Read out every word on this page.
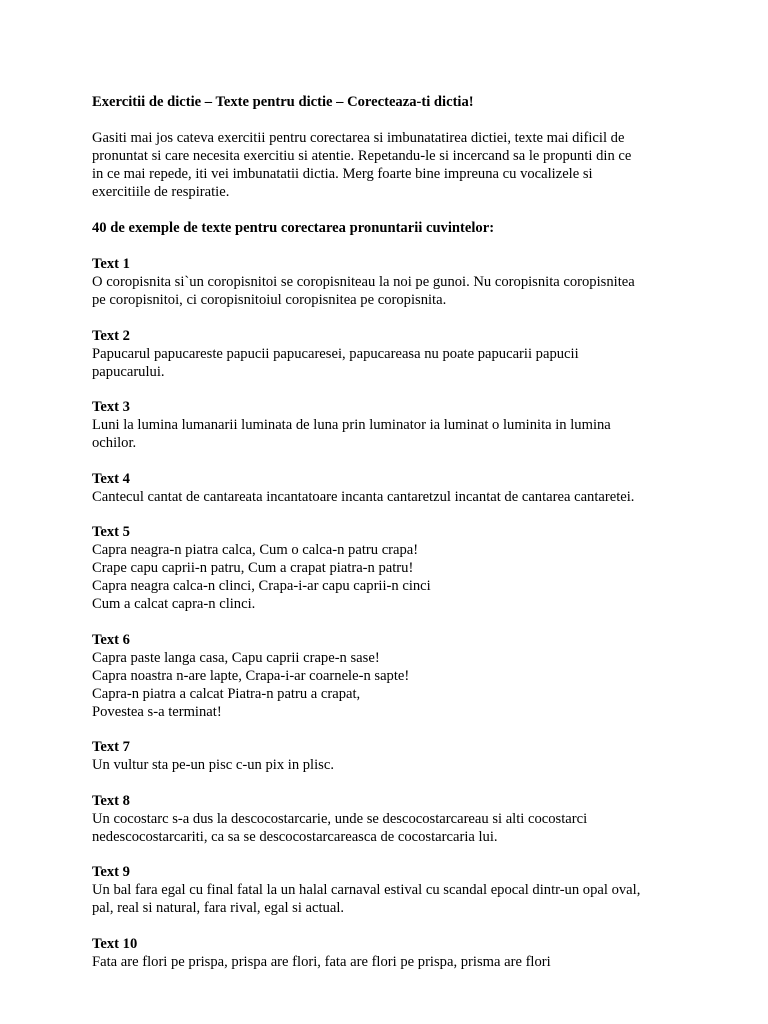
Exercitii de dictie – Texte pentru dictie – Corecteaza-ti dictia!
Gasiti mai jos cateva exercitii pentru corectarea si imbunatatirea dictiei, texte mai dificil de
pronuntat si care necesita exercitiu si atentie. Repetandu-le si incercand sa le propunti din ce
in ce mai repede, iti vei imbunatatii dictia. Merg foarte bine impreuna cu vocalizele si
exercitiile de respiratie.
40 de exemple de texte pentru corectarea pronuntarii cuvintelor:
Text 1
O coropisnita si`un coropisnitoi se coropisniteau la noi pe gunoi. Nu coropisnita coropisnitea
pe coropisnitoi, ci coropisnitoiul coropisnitea pe coropisnita.
Text 2
Papucarul papucareste papucii papucaresei, papucareasa nu poate papucarii papucii
papucarului.
Text 3
Luni la lumina lumanarii luminata de luna prin luminator ia luminat o luminita in lumina
ochilor.
Text 4
Cantecul cantat de cantareata incantatoare incanta cantaretzul incantat de cantarea cantaretei.
Text 5
Capra neagra-n piatra calca, Cum o calca-n patru crapa!
Crape capu caprii-n patru, Cum a crapat piatra-n patru!
Capra neagra calca-n clinci, Crapa-i-ar capu caprii-n cinci
Cum a calcat capra-n clinci.
Text 6
Capra paste langa casa, Capu caprii crape-n sase!
Capra noastra n-are lapte, Crapa-i-ar coarnele-n sapte!
Capra-n piatra a calcat Piatra-n patru a crapat,
Povestea s-a terminat!
Text 7
Un vultur sta pe-un pisc c-un pix in plisc.
Text 8
Un cocostarc s-a dus la descocostarcarie, unde se descocostarcareau si alti cocostarci
nedescocostarcariti, ca sa se descocostarcareasca de cocostarcaria lui.
Text 9
Un bal fara egal cu final fatal la un halal carnaval estival cu scandal epocal dintr-un opal oval,
pal, real si natural, fara rival, egal si actual.
Text 10
Fata are flori pe prispa, prispa are flori, fata are flori pe prispa, prisma are flori
